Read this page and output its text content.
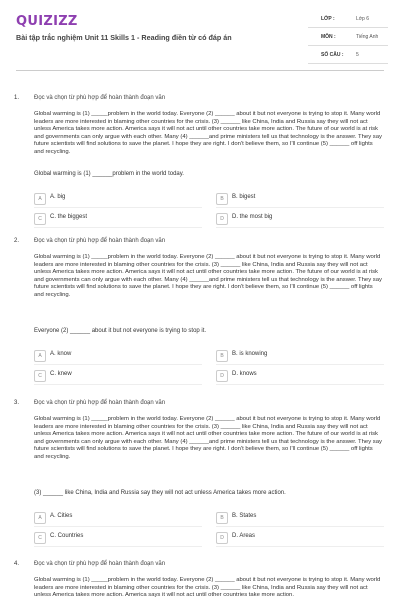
QUIZIZZ
Bài tập trắc nghiệm Unit 11 Skills 1 - Reading điền từ có đáp án
LỚP :	Lớp 6
MÔN :	Tiếng Anh
SỐ CÂU :	5
1. Đọc và chọn từ phù hợp để hoàn thành đoạn văn
Global warming is (1) _____problem in the world today. Everyone (2) ______ about it but not everyone is trying to stop it. Many world leaders are more interested in blaming other countries for the crisis. (3) ______ like China, India and Russia say they will not act unless America takes more action. America says it will not act until other countries take more action. The future of our world is at risk and governments can only argue with each other. Many (4) ______and prime ministers tell us that technology is the answer. They say future scientists will find solutions to save the planet. I hope they are right. I don't believe them, so I'll continue (5) ______ off lights and recycling.
Global warming is (1) ______problem in the world today.
A	A. big	B	B. bigest
C	C. the biggest	D	D. the most big
2. Đọc và chọn từ phù hợp để hoàn thành đoạn văn
Global warming is (1) _____problem in the world today. Everyone (2) ______ about it but not everyone is trying to stop it. Many world leaders are more interested in blaming other countries for the crisis. (3) ______ like China, India and Russia say they will not act unless America takes more action. America says it will not act until other countries take more action. The future of our world is at risk and governments can only argue with each other. Many (4) ______and prime ministers tell us that technology is the answer. They say future scientists will find solutions to save the planet. I hope they are right. I don't believe them, so I'll continue (5) ______ off lights and recycling.
Everyone (2) ______ about it but not everyone is trying to stop it.
A	A. know	B	B. is knowing
C	C. knew	D	D. knows
3. Đọc và chọn từ phù hợp để hoàn thành đoạn văn
Global warming is (1) _____problem in the world today. Everyone (2) ______ about it but not everyone is trying to stop it. Many world leaders are more interested in blaming other countries for the crisis. (3) ______ like China, India and Russia say they will not act unless America takes more action. America says it will not act until other countries take more action. The future of our world is at risk and governments can only argue with each other. Many (4) ______and prime ministers tell us that technology is the answer. They say future scientists will find solutions to save the planet. I hope they are right. I don't believe them, so I'll continue (5) ______ off lights and recycling.
(3) ______ like China, India and Russia say they will not act unless America takes more action.
A	A. Cities	B	B. States
C	C. Countries	D	D. Areas
4. Đọc và chọn từ phù hợp để hoàn thành đoạn văn
Global warming is (1) _____problem in the world today. Everyone (2) ______ about it but not everyone is trying to stop it. Many world leaders are more interested in blaming other countries for the crisis. (3) ______ like China, India and Russia say they will not act unless America takes more action. America says it will not act until other countries take more action.
